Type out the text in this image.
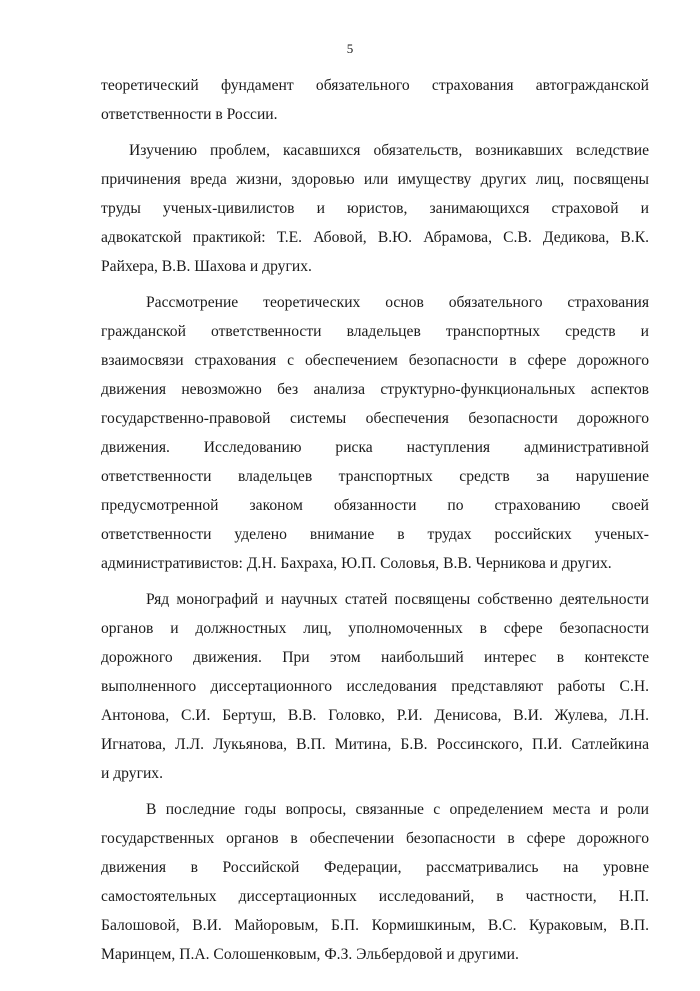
5
теоретический фундамент обязательного страхования автогражданской
ответственности в России.
Изучению проблем, касавшихся обязательств, возникавших вследствие
причинения вреда жизни, здоровью или имуществу других лиц, посвящены
труды ученых-цивилистов и юристов, занимающихся страховой и
адвокатской практикой: Т.Е. Абовой, В.Ю. Абрамова, С.В. Дедикова, В.К.
Райхера, В.В. Шахова и других.
Рассмотрение теоретических основ обязательного страхования
гражданской ответственности владельцев транспортных средств и
взаимосвязи страхования с обеспечением безопасности в сфере дорожного
движения невозможно без анализа структурно-функциональных аспектов
государственно-правовой системы обеспечения безопасности дорожного
движения. Исследованию риска наступления административной
ответственности владельцев транспортных средств за нарушение
предусмотренной законом обязанности по страхованию своей
ответственности уделено внимание в трудах российских ученых-
административистов: Д.Н. Бахраха, Ю.П. Соловья, В.В. Черникова и других.
Ряд монографий и научных статей посвящены собственно деятельности
органов и должностных лиц, уполномоченных в сфере безопасности
дорожного движения. При этом наибольший интерес в контексте
выполненного диссертационного исследования представляют работы С.Н.
Антонова, С.И. Бертуш, В.В. Головко, Р.И. Денисова, В.И. Жулева, Л.Н.
Игнатова, Л.Л. Лукьянова, В.П. Митина, Б.В. Россинского, П.И. Сатлейкина
и других.
В последние годы вопросы, связанные с определением места и роли
государственных органов в обеспечении безопасности в сфере дорожного
движения в Российской Федерации, рассматривались на уровне
самостоятельных диссертационных исследований, в частности, Н.П.
Балошовой, В.И. Майоровым, Б.П. Кормишкиным, В.С. Кураковым, В.П.
Маринцем, П.А. Солошенковым, Ф.З. Эльбердовой и другими.
